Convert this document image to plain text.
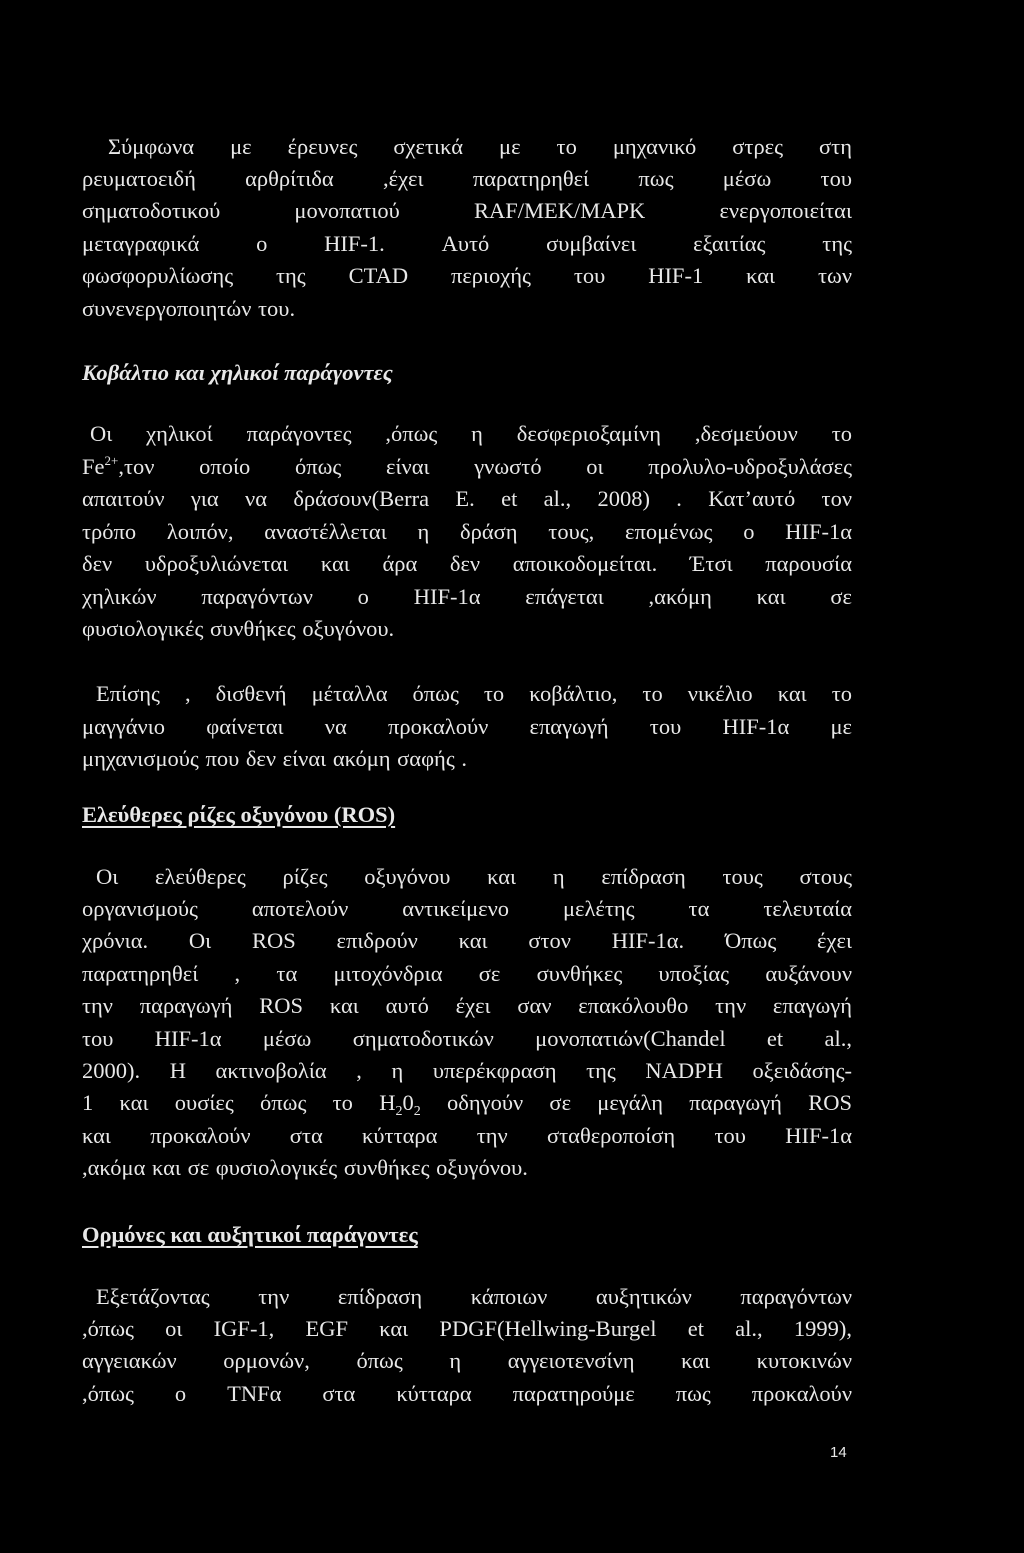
Σύμφωνα με έρευνες σχετικά με το μηχανικό στρες στη
ρευματοειδή αρθρίτιδα ,έχει παρατηρηθεί πως μέσω του
σηματοδοτικού μονοπατιού RAF/MEK/MAPK ενεργοποιείται
μεταγραφικά ο HIF-1. Αυτό συμβαίνει εξαιτίας της
φωσφορυλίωσης της CTAD περιοχής του HIF-1 και των
συνενεργοποιητών του.
Κοβάλτιο και χηλικοί παράγοντες
Οι χηλικοί παράγοντες ,όπως η δεσφεριοξαμίνη ,δεσμεύουν το
$Fe^{2+},\tau o\nu$ οποίο όπως είναι γνωστό οι προλυλο-υδροξυλάσες
απαιτούν για να δράσουν(Berra E. et al., 2008) . Κατ’αυτό τον
τρόπο λοιπόν, αναστέλλεται η δράση τους, επομένως ο HIF-1α
δεν υδροξυλιώνεται και άρα δεν αποικοδομείται. Έτσι παρουσία
χηλικών παραγόντων ο HIF-1α επάγεται ,ακόμη και σε
φυσιολογικές συνθήκες οξυγόνου.
Επίσης , δισθενή μέταλλα όπως το κοβάλτιο, το νικέλιο και το
μαγγάνιο φαίνεται να προκαλούν επαγωγή του HIF-1α με
μηχανισμούς που δεν είναι ακόμη σαφής .
Ελεύθερες ρίζες οξυγόνου (ROS)
Οι ελεύθερες ρίζες οξυγόνου και η επίδραση τους στους
οργανισμούς αποτελούν αντικείμενο μελέτης τα τελευταία
χρόνια. Οι ROS επιδρούν και στον HIF-1α. Όπως έχει
παρατηρηθεί , τα μιτοχόνδρια σε συνθήκες υποξίας αυξάνουν
την παραγωγή ROS και αυτό έχει σαν επακόλουθο την επαγωγή
του HIF-1α μέσω σηματοδοτικών μονοπατιών(Chandel et al.,
2000). Η ακτινοβολία , η υπερέκφραση της NADPH οξειδάσης-
1 και ουσίες όπως το $H_20_2$ οδηγούν σε μεγάλη παραγωγή ROS
και προκαλούν στα κύτταρα την σταθεροποίση του HIF-1α
,ακόμα και σε φυσιολογικές συνθήκες οξυγόνου.
Ορμόνες και αυξητικοί παράγοντες
Εξετάζοντας την επίδραση κάποιων αυξητικών παραγόντων
,όπως οι IGF-1, EGF και PDGF(Hellwing-Burgel et al., 1999),
αγγειακών ορμονών, όπως η αγγειοτενσίνη και κυτοκινών
,όπως ο TNFα στα κύτταρα παρατηρούμε πως προκαλούν
14
